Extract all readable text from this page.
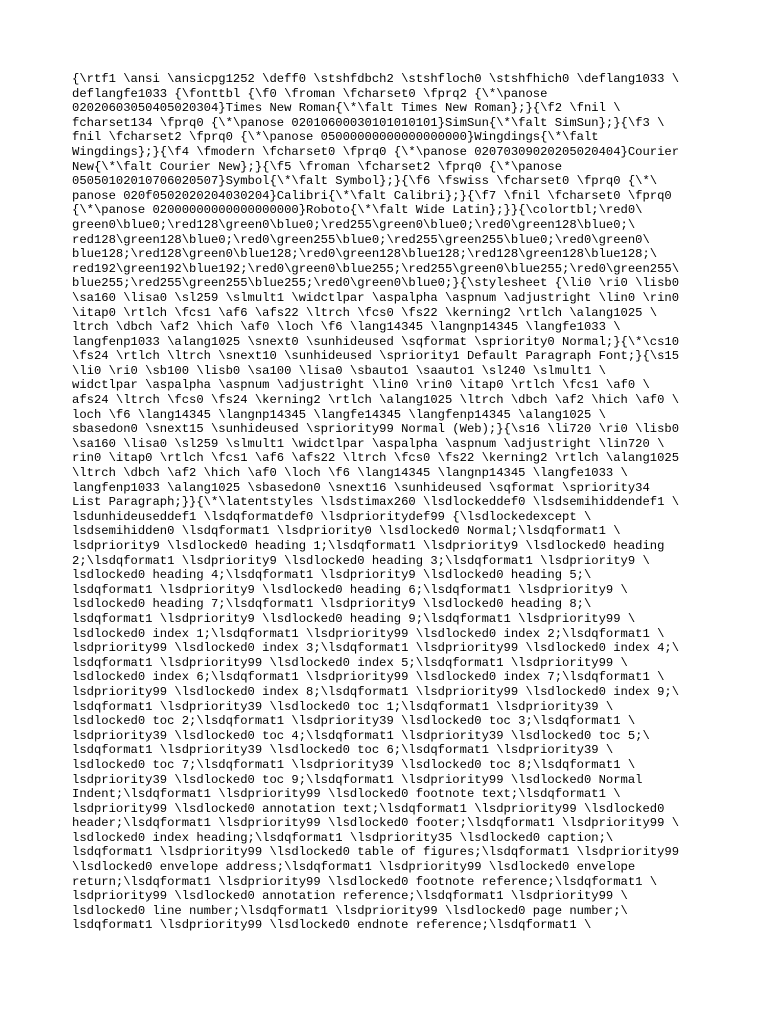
{\rtf1 \ansi \ansicpg1252 \deff0 \stshfdbch2 \stshfloch0 \stshfhich0 \deflang1033 \
deflangfe1033 {\fonttbl {\f0 \froman \fcharset0 \fprq2 {\*\panose
02020603050405020304}Times New Roman{\*\falt Times New Roman};}{\f2 \fnil \
fcharset134 \fprq0 {\*\panose 02010600030101010101}SimSun{\*\falt SimSun};}{\f3 \
fnil \fcharset2 \fprq0 {\*\panose 05000000000000000000}Wingdings{\*\falt
Wingdings};}{\f4 \fmodern \fcharset0 \fprq0 {\*\panose 02070309020205020404}Courier
New{\*\falt Courier New};}{\f5 \froman \fcharset2 \fprq0 {\*\panose
05050102010706020507}Symbol{\*\falt Symbol};}{\f6 \fswiss \fcharset0 \fprq0 {\*\
panose 020f0502020204030204}Calibri{\*\falt Calibri};}{\f7 \fnil \fcharset0 \fprq0
{\*\panose 02000000000000000000}Roboto{\*\falt Wide Latin};}}{\colortbl;\red0\
green0\blue0;\red128\green0\blue0;\red255\green0\blue0;\red0\green128\blue0;\
red128\green128\blue0;\red0\green255\blue0;\red255\green255\blue0;\red0\green0\
blue128;\red128\green0\blue128;\red0\green128\blue128;\red128\green128\blue128;\
red192\green192\blue192;\red0\green0\blue255;\red255\green0\blue255;\red0\green255\
blue255;\red255\green255\blue255;\red0\green0\blue0;}{\stylesheet {\li0 \ri0 \lisb0
\sa160 \lisa0 \sl259 \slmult1 \widctlpar \aspalpha \aspnum \adjustright \lin0 \rin0
\itap0 \rtlch \fcs1 \af6 \afs22 \ltrch \fcs0 \fs22 \kerning2 \rtlch \alang1025 \
ltrch \dbch \af2 \hich \af0 \loch \f6 \lang14345 \langnp14345 \langfe1033 \
langfenp1033 \alang1025 \snext0 \sunhideused \sqformat \spriority0 Normal;}{\*\cs10
\fs24 \rtlch \ltrch \snext10 \sunhideused \spriority1 Default Paragraph Font;}{\s15
\li0 \ri0 \sb100 \lisb0 \sa100 \lisa0 \sbauto1 \saauto1 \sl240 \slmult1 \
widctlpar \aspalpha \aspnum \adjustright \lin0 \rin0 \itap0 \rtlch \fcs1 \af0 \
afs24 \ltrch \fcs0 \fs24 \kerning2 \rtlch \alang1025 \ltrch \dbch \af2 \hich \af0 \
loch \f6 \lang14345 \langnp14345 \langfe14345 \langfenp14345 \alang1025 \
sbasedon0 \snext15 \sunhideused \spriority99 Normal (Web);}{\s16 \li720 \ri0 \lisb0
\sa160 \lisa0 \sl259 \slmult1 \widctlpar \aspalpha \aspnum \adjustright \lin720 \
rin0 \itap0 \rtlch \fcs1 \af6 \afs22 \ltrch \fcs0 \fs22 \kerning2 \rtlch \alang1025
\ltrch \dbch \af2 \hich \af0 \loch \f6 \lang14345 \langnp14345 \langfe1033 \
langfenp1033 \alang1025 \sbasedon0 \snext16 \sunhideused \sqformat \spriority34
List Paragraph;}}{\*\latentstyles \lsdstimax260 \lsdlockeddef0 \lsdsemihiddendef1 \
lsdunhideuseddef1 \lsdqformatdef0 \lsdprioritydef99 {\lsdlockedexcept \
lsdsemihidden0 \lsdqformat1 \lsdpriority0 \lsdlocked0 Normal;\lsdqformat1 \
lsdpriority9 \lsdlocked0 heading 1;\lsdqformat1 \lsdpriority9 \lsdlocked0 heading
2;\lsdqformat1 \lsdpriority9 \lsdlocked0 heading 3;\lsdqformat1 \lsdpriority9 \
lsdlocked0 heading 4;\lsdqformat1 \lsdpriority9 \lsdlocked0 heading 5;\
lsdqformat1 \lsdpriority9 \lsdlocked0 heading 6;\lsdqformat1 \lsdpriority9 \
lsdlocked0 heading 7;\lsdqformat1 \lsdpriority9 \lsdlocked0 heading 8;\
lsdqformat1 \lsdpriority9 \lsdlocked0 heading 9;\lsdqformat1 \lsdpriority99 \
lsdlocked0 index 1;\lsdqformat1 \lsdpriority99 \lsdlocked0 index 2;\lsdqformat1 \
lsdpriority99 \lsdlocked0 index 3;\lsdqformat1 \lsdpriority99 \lsdlocked0 index 4;\
lsdqformat1 \lsdpriority99 \lsdlocked0 index 5;\lsdqformat1 \lsdpriority99 \
lsdlocked0 index 6;\lsdqformat1 \lsdpriority99 \lsdlocked0 index 7;\lsdqformat1 \
lsdpriority99 \lsdlocked0 index 8;\lsdqformat1 \lsdpriority99 \lsdlocked0 index 9;\
lsdqformat1 \lsdpriority39 \lsdlocked0 toc 1;\lsdqformat1 \lsdpriority39 \
lsdlocked0 toc 2;\lsdqformat1 \lsdpriority39 \lsdlocked0 toc 3;\lsdqformat1 \
lsdpriority39 \lsdlocked0 toc 4;\lsdqformat1 \lsdpriority39 \lsdlocked0 toc 5;\
lsdqformat1 \lsdpriority39 \lsdlocked0 toc 6;\lsdqformat1 \lsdpriority39 \
lsdlocked0 toc 7;\lsdqformat1 \lsdpriority39 \lsdlocked0 toc 8;\lsdqformat1 \
lsdpriority39 \lsdlocked0 toc 9;\lsdqformat1 \lsdpriority99 \lsdlocked0 Normal
Indent;\lsdqformat1 \lsdpriority99 \lsdlocked0 footnote text;\lsdqformat1 \
lsdpriority99 \lsdlocked0 annotation text;\lsdqformat1 \lsdpriority99 \lsdlocked0
header;\lsdqformat1 \lsdpriority99 \lsdlocked0 footer;\lsdqformat1 \lsdpriority99 \
lsdlocked0 index heading;\lsdqformat1 \lsdpriority35 \lsdlocked0 caption;\
lsdqformat1 \lsdpriority99 \lsdlocked0 table of figures;\lsdqformat1 \lsdpriority99
\lsdlocked0 envelope address;\lsdqformat1 \lsdpriority99 \lsdlocked0 envelope
return;\lsdqformat1 \lsdpriority99 \lsdlocked0 footnote reference;\lsdqformat1 \
lsdpriority99 \lsdlocked0 annotation reference;\lsdqformat1 \lsdpriority99 \
lsdlocked0 line number;\lsdqformat1 \lsdpriority99 \lsdlocked0 page number;\
lsdqformat1 \lsdpriority99 \lsdlocked0 endnote reference;\lsdqformat1 \
